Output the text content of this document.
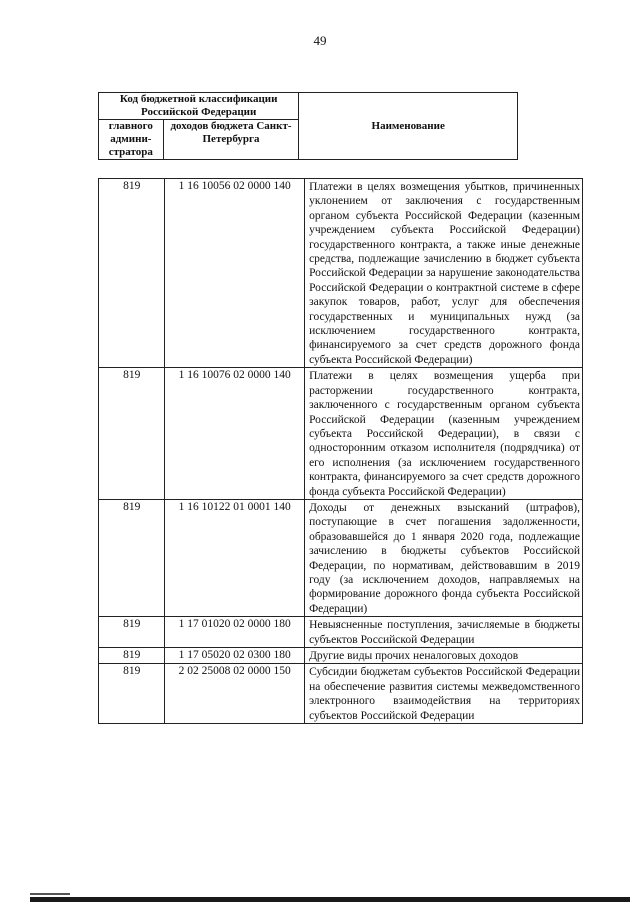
49
Код бюджетной классификации Российской Федерации		Наименование
главного админи-стратора	доходов бюджета Санкт-Петербурга	
819	1 16 10056 02 0000 140	Платежи в целях возмещения убытков, причиненных уклонением от заключения с государственным органом субъекта Российской Федерации (казенным учреждением субъекта Российской Федерации) государственного контракта, а также иные денежные средства, подлежащие зачислению в бюджет субъекта Российской Федерации за нарушение законодательства Российской Федерации о контрактной системе в сфере закупок товаров, работ, услуг для обеспечения государственных и муниципальных нужд (за исключением государственного контракта, финансируемого за счет средств дорожного фонда субъекта Российской Федерации)
819	1 16 10076 02 0000 140	Платежи в целях возмещения ущерба при расторжении государственного контракта, заключенного с государственным органом субъекта Российской Федерации (казенным учреждением субъекта Российской Федерации), в связи с односторонним отказом исполнителя (подрядчика) от его исполнения (за исключением государственного контракта, финансируемого за счет средств дорожного фонда субъекта Российской Федерации)
819	1 16 10122 01 0001 140	Доходы от денежных взысканий (штрафов), поступающие в счет погашения задолженности, образовавшейся до 1 января 2020 года, подлежащие зачислению в бюджеты субъектов Российской Федерации, по нормативам, действовавшим в 2019 году (за исключением доходов, направляемых на формирование дорожного фонда субъекта Российской Федерации)
819	1 17 01020 02 0000 180	Невыясненные поступления, зачисляемые в бюджеты субъектов Российской Федерации
819	1 17 05020 02 0300 180	Другие виды прочих неналоговых доходов
819	2 02 25008 02 0000 150	Субсидии бюджетам субъектов Российской Федерации на обеспечение развития системы межведомственного электронного взаимодействия на территориях субъектов Российской Федерации
